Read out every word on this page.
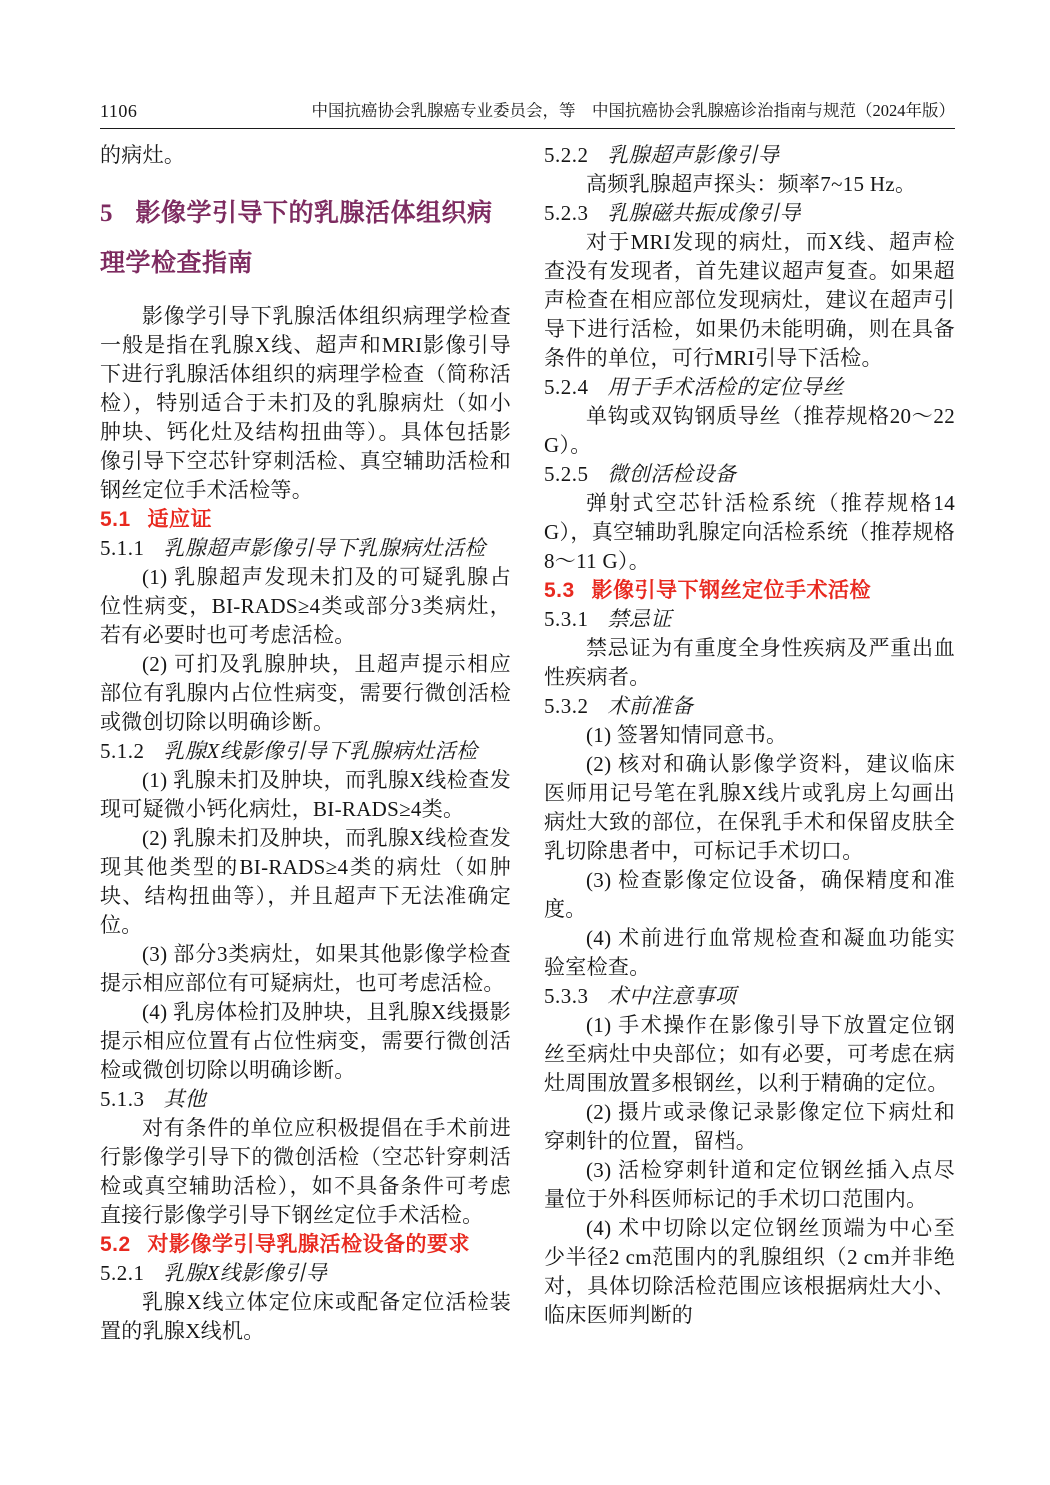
1106	中国抗癌协会乳腺癌专业委员会，等　中国抗癌协会乳腺癌诊治指南与规范（2024年版）

的病灶。

5 影像学引导下的乳腺活体组织病理学检查指南

影像学引导下乳腺活体组织病理学检查一般是指在乳腺X线、超声和MRI影像引导下进行乳腺活体组织的病理学检查（简称活检），特别适合于未扪及的乳腺病灶（如小肿块、钙化灶及结构扭曲等）。具体包括影像引导下空芯针穿刺活检、真空辅助活检和钢丝定位手术活检等。

5.1 适应证
5.1.1 乳腺超声影像引导下乳腺病灶活检

(1) 乳腺超声发现未扪及的可疑乳腺占位性病变，BI-RADS≥4类或部分3类病灶，若有必要时也可考虑活检。

(2) 可扪及乳腺肿块，且超声提示相应部位有乳腺内占位性病变，需要行微创活检或微创切除以明确诊断。

5.1.2 乳腺X线影像引导下乳腺病灶活检

(1) 乳腺未扪及肿块，而乳腺X线检查发现可疑微小钙化病灶，BI-RADS≥4类。

(2) 乳腺未扪及肿块，而乳腺X线检查发现其他类型的BI-RADS≥4类的病灶（如肿块、结构扭曲等），并且超声下无法准确定位。

(3) 部分3类病灶，如果其他影像学检查提示相应部位有可疑病灶，也可考虑活检。

(4) 乳房体检扪及肿块，且乳腺X线摄影提示相应位置有占位性病变，需要行微创活检或微创切除以明确诊断。

5.1.3 其他

对有条件的单位应积极提倡在手术前进行影像学引导下的微创活检（空芯针穿刺活检或真空辅助活检），如不具备条件可考虑直接行影像学引导下钢丝定位手术活检。

5.2 对影像学引导乳腺活检设备的要求
5.2.1 乳腺X线影像引导

乳腺X线立体定位床或配备定位活检装置的乳腺X线机。

5.2.2 乳腺超声影像引导

高频乳腺超声探头：频率7~15 Hz。

5.2.3 乳腺磁共振成像引导

对于MRI发现的病灶，而X线、超声检查没有发现者，首先建议超声复查。如果超声检查在相应部位发现病灶，建议在超声引导下进行活检，如果仍未能明确，则在具备条件的单位，可行MRI引导下活检。

5.2.4 用于手术活检的定位导丝

单钩或双钩钢质导丝（推荐规格20～22 G）。

5.2.5 微创活检设备

弹射式空芯针活检系统（推荐规格14 G），真空辅助乳腺定向活检系统（推荐规格8～11 G）。

5.3 影像引导下钢丝定位手术活检
5.3.1 禁忌证

禁忌证为有重度全身性疾病及严重出血性疾病者。

5.3.2 术前准备

(1) 签署知情同意书。

(2) 核对和确认影像学资料，建议临床医师用记号笔在乳腺X线片或乳房上勾画出病灶大致的部位，在保乳手术和保留皮肤全乳切除患者中，可标记手术切口。

(3) 检查影像定位设备，确保精度和准度。

(4) 术前进行血常规检查和凝血功能实验室检查。

5.3.3 术中注意事项

(1) 手术操作在影像引导下放置定位钢丝至病灶中央部位；如有必要，可考虑在病灶周围放置多根钢丝，以利于精确的定位。

(2) 摄片或录像记录影像定位下病灶和穿刺针的位置，留档。

(3) 活检穿刺针道和定位钢丝插入点尽量位于外科医师标记的手术切口范围内。

(4) 术中切除以定位钢丝顶端为中心至少半径2 cm范围内的乳腺组织（2 cm并非绝对，具体切除活检范围应该根据病灶大小、临床医师判断的
